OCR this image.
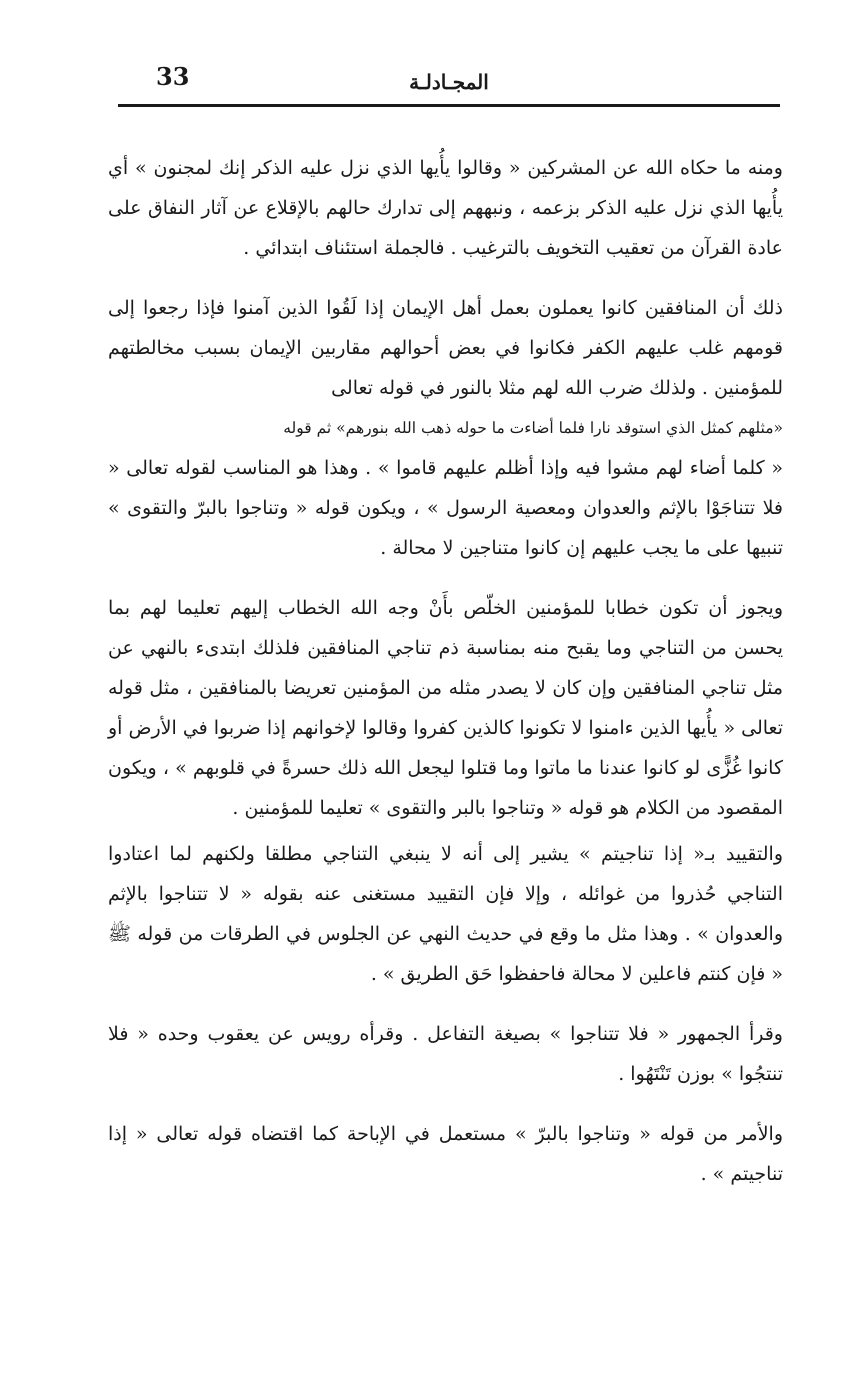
33	المجـادلـة

ومنه ما حكاه الله عن المشركين « وقالوا يأُيها الذي نزل عليه الذكر إنك لمجنون » أي يأُيها الذي نزل عليه الذكر بزعمه ، ونبههم إلى تدارك حالهم بالإقلاع عن آثار النفاق على عادة القرآن من تعقيب التخويف بالترغيب . فالجملة استئناف ابتدائي .

ذلك أن المنافقين كانوا يعملون بعمل أهل الإيمان إذا لَقُوا الذين آمنوا فإذا رجعوا إلى قومهم غلب عليهم الكفر فكانوا في بعض أحوالهم مقاربين الإيمان بسبب مخالطتهم للمؤمنين . ولذلك ضرب الله لهم مثلا بالنور في قوله تعالى
«مثلهم كمثل الذي استوقد نارا فلما أضاءت ما حوله ذهب الله بنورهم» ثم قوله
« كلما أضاء لهم مشوا فيه وإذا أظلم عليهم قاموا » . وهذا هو المناسب لقوله تعالى « فلا تتناجَوْا بالإثم والعدوان ومعصية الرسول » ، ويكون قوله « وتناجوا بالبرّ والتقوى » تنبيها على ما يجب عليهم إن كانوا متناجين لا محالة .

ويجوز أن تكون خطابا للمؤمنين الخلّص بأَنْ وجه الله الخطاب إليهم تعليما لهم بما يحسن من التناجي وما يقبح منه بمناسبة ذم تناجي المنافقين فلذلك ابتدىء بالنهي عن مثل تناجي المنافقين وإن كان لا يصدر مثله من المؤمنين تعريضا بالمنافقين ، مثل قوله تعالى « يأُيها الذين ءامنوا لا تكونوا كالذين كفروا وقالوا لإخوانهم إذا ضربوا في الأرض أو كانوا غُزًّى لو كانوا عندنا ما ماتوا وما قتلوا ليجعل الله ذلك حسرةً في قلوبهم » ، ويكون المقصود من الكلام هو قوله « وتناجوا بالبر والتقوى » تعليما للمؤمنين .

والتقييد بـ« إذا تناجيتم » يشير إلى أنه لا ينبغي التناجي مطلقا ولكنهم لما اعتادوا التناجي حُذروا من غوائله ، وإلا فإن التقييد مستغنى عنه بقوله « لا تتناجوا بالإثم والعدوان » . وهذا مثل ما وقع في حديث النهي عن الجلوس في الطرقات من قوله ﷺ « فإن كنتم فاعلين لا محالة فاحفظوا حَق الطريق » .

وقرأ الجمهور « فلا تتناجوا » بصيغة التفاعل . وقرأه رويس عن يعقوب وحده « فلا تنتجُوا » بوزن تَنْتَهُوا .

والأمر من قوله « وتناجوا بالبرّ » مستعمل في الإباحة كما اقتضاه قوله تعالى « إذا تناجيتم » .
